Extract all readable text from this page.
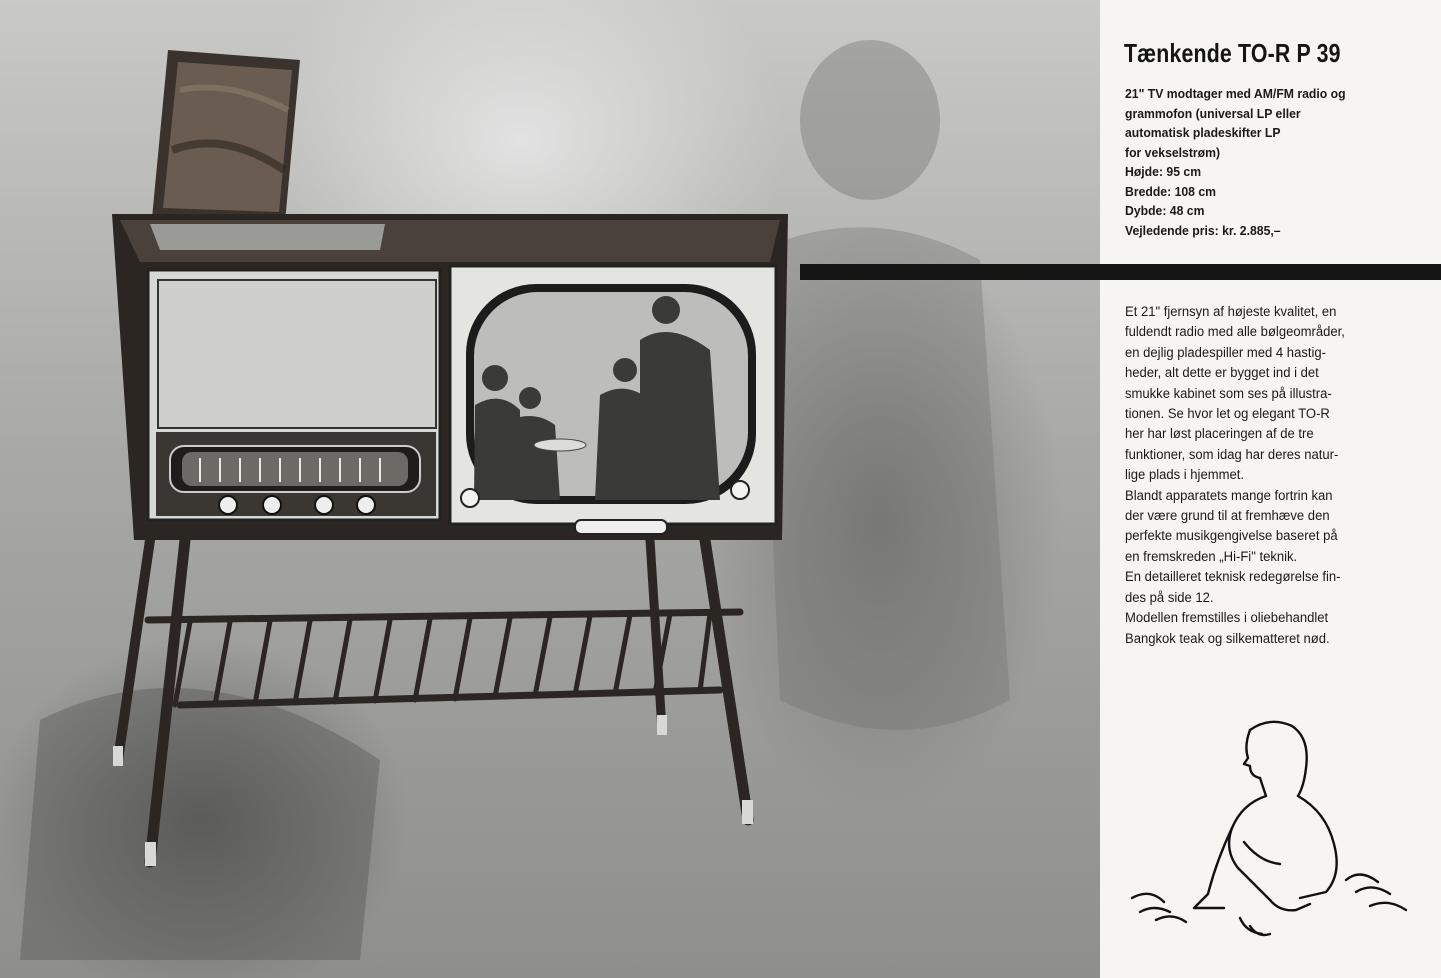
Tænkende TO-R P 39
21" TV modtager med AM/FM radio og
grammofon (universal LP eller
automatisk pladeskifter LP
for vekselstrøm)
Højde: 95 cm
Bredde: 108 cm
Dybde: 48 cm
Vejledende pris: kr. 2.885,–
Et 21" fjernsyn af højeste kvalitet, en
fuldendt radio med alle bølgeområder,
en dejlig pladespiller med 4 hastig-
heder, alt dette er bygget ind i det
smukke kabinet som ses på illustra-
tionen. Se hvor let og elegant TO-R
her har løst placeringen af de tre
funktioner, som idag har deres natur-
lige plads i hjemmet.
Blandt apparatets mange fortrin kan
der være grund til at fremhæve den
perfekte musikgengivelse baseret på
en fremskreden „Hi-Fi" teknik.
En detailleret teknisk redegørelse fin-
des på side 12.
Modellen fremstilles i oliebehandlet
Bangkok teak og silkematteret nød.
